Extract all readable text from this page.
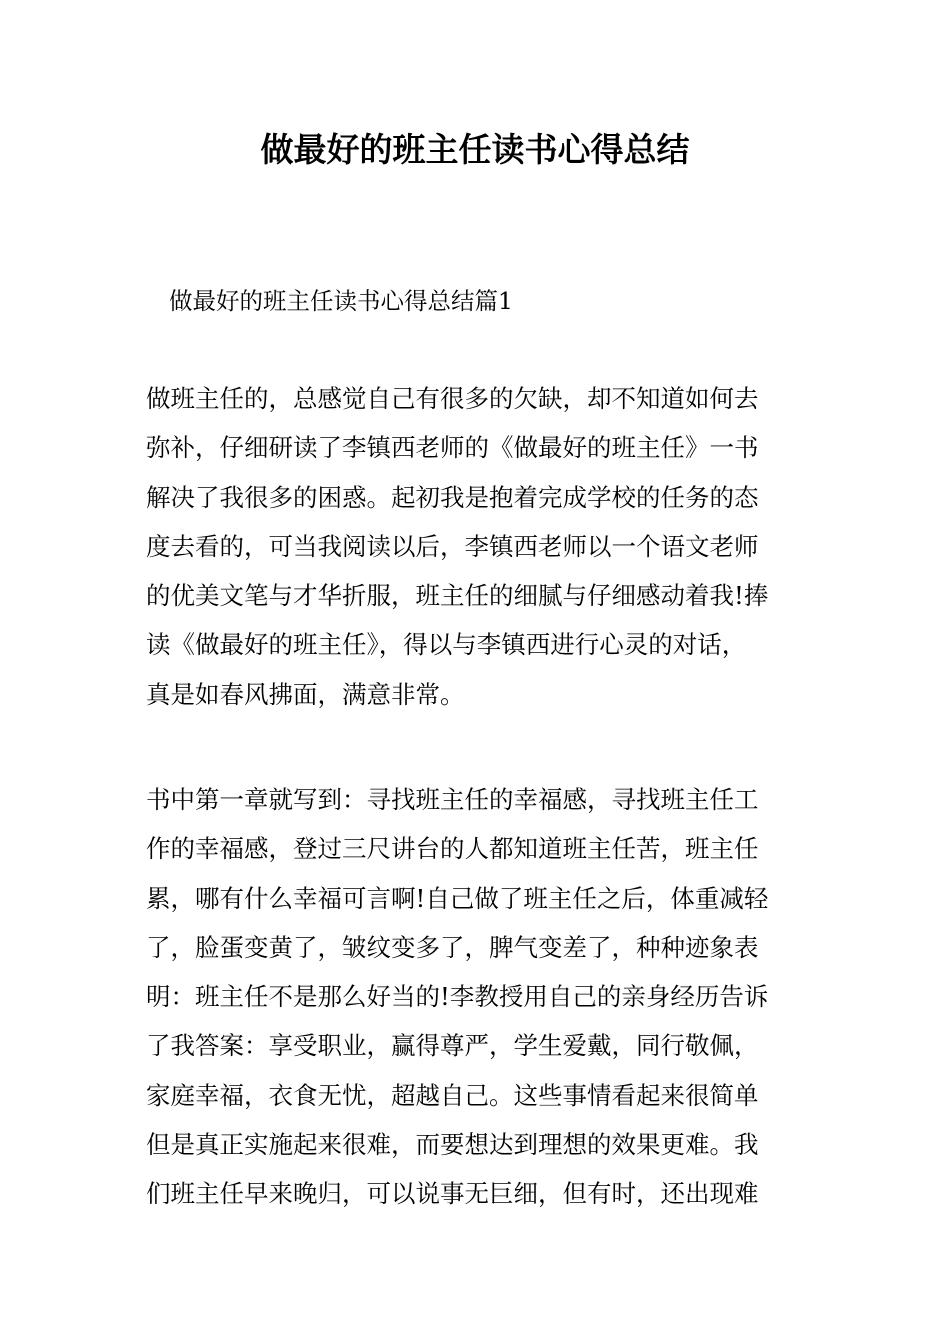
做最好的班主任读书心得总结
做最好的班主任读书心得总结篇1
做班主任的，总感觉自己有很多的欠缺，却不知道如何去
弥补，仔细研读了李镇西老师的《做最好的班主任》一书
解决了我很多的困惑。起初我是抱着完成学校的任务的态
度去看的，可当我阅读以后，李镇西老师以一个语文老师
的优美文笔与才华折服，班主任的细腻与仔细感动着我!捧
读《做最好的班主任》，得以与李镇西进行心灵的对话，
真是如春风拂面，满意非常。
书中第一章就写到：寻找班主任的幸福感，寻找班主任工
作的幸福感，登过三尺讲台的人都知道班主任苦，班主任
累，哪有什么幸福可言啊!自己做了班主任之后，体重减轻
了，脸蛋变黄了，皱纹变多了，脾气变差了，种种迹象表
明：班主任不是那么好当的!李教授用自己的亲身经历告诉
了我答案：享受职业，赢得尊严，学生爱戴，同行敬佩，
家庭幸福，衣食无忧，超越自己。这些事情看起来很简单
但是真正实施起来很难，而要想达到理想的效果更难。我
们班主任早来晚归，可以说事无巨细，但有时，还出现难
